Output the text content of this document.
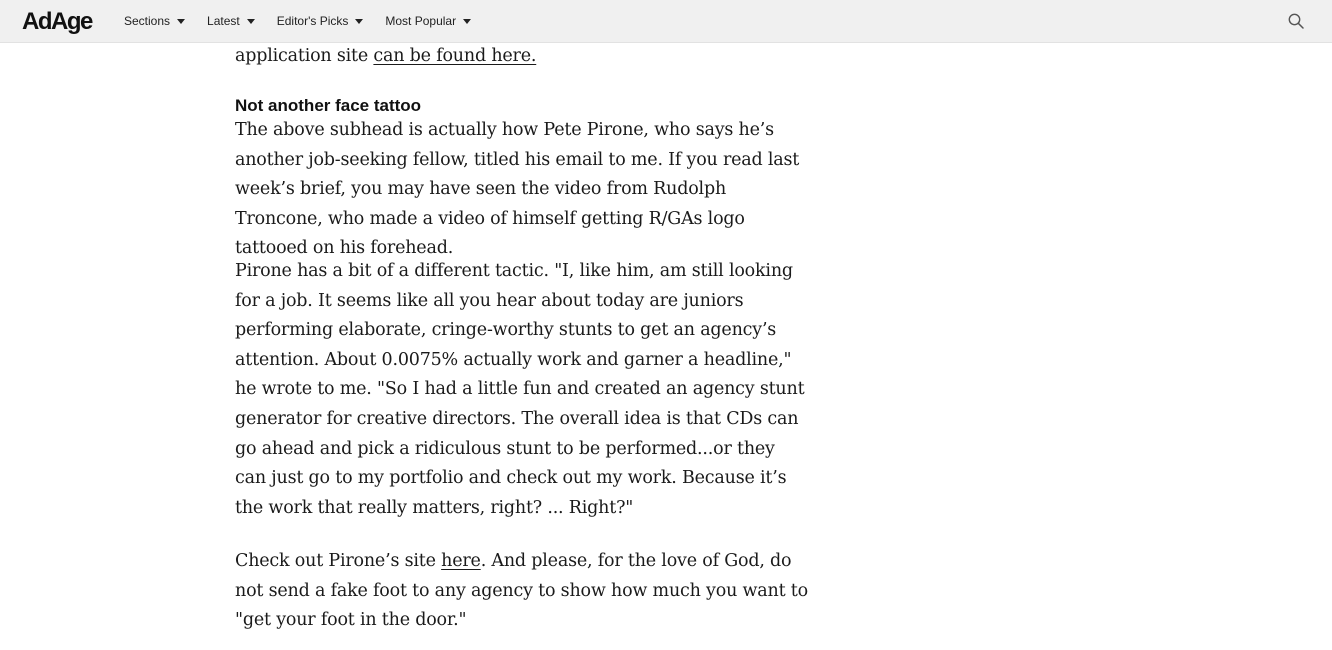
AdAge	Sections	Latest	Editor's Picks	Most Popular

application site can be found here.

Not another face tattoo

The above subhead is actually how Pete Pirone, who says he’s another job-seeking fellow, titled his email to me. If you read last week’s brief, you may have seen the video from Rudolph Troncone, who made a video of himself getting R/GAs logo tattooed on his forehead.

Pirone has a bit of a different tactic. "I, like him, am still looking for a job. It seems like all you hear about today are juniors performing elaborate, cringe-worthy stunts to get an agency’s attention. About 0.0075% actually work and garner a headline," he wrote to me. "So I had a little fun and created an agency stunt generator for creative directors. The overall idea is that CDs can go ahead and pick a ridiculous stunt to be performed...or they can just go to my portfolio and check out my work. Because it’s the work that really matters, right? ... Right?"

Check out Pirone’s site here. And please, for the love of God, do not send a fake foot to any agency to show how much you want to "get your foot in the door."
